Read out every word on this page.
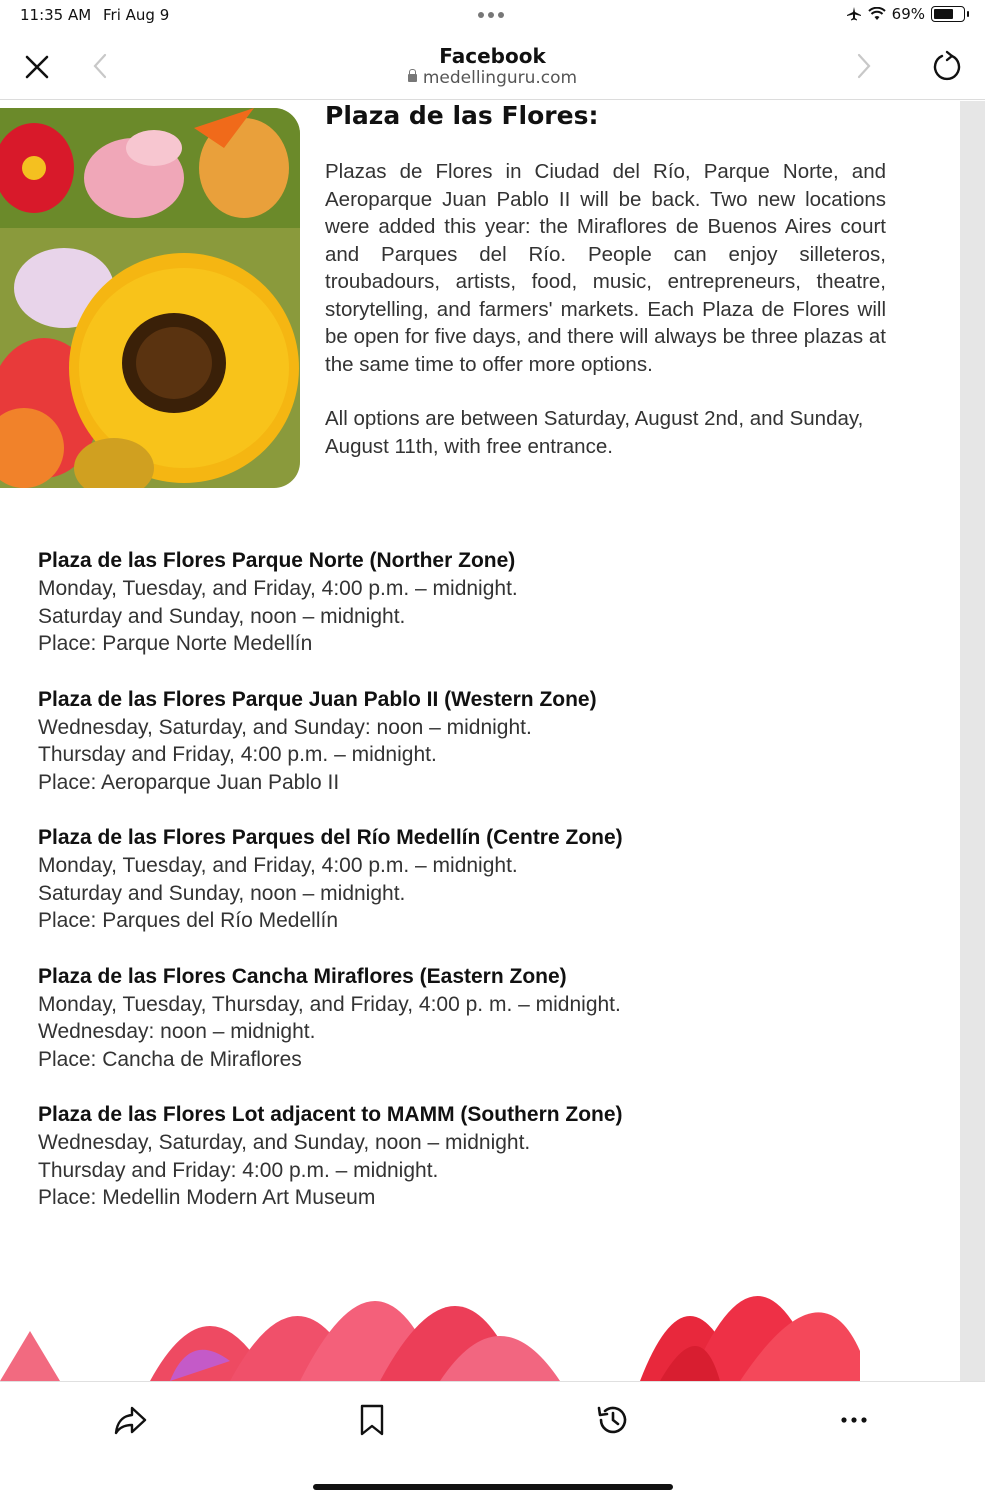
11:35 AM Fri Aug 9	69%
Facebook
medellinguru.com
Plaza de las Flores:

Plazas de Flores in Ciudad del Río, Parque Norte, and Aeroparque Juan Pablo II will be back. Two new locations were added this year: the Miraflores de Buenos Aires court and Parques del Río. People can enjoy silleteros, troubadours, artists, food, music, entrepreneurs, theatre, storytelling, and farmers' markets. Each Plaza de Flores will be open for five days, and there will always be three plazas at the same time to offer more options.

All options are between Saturday, August 2nd, and Sunday, August 11th, with free entrance.

Plaza de las Flores Parque Norte (Norther Zone)
Monday, Tuesday, and Friday, 4:00 p.m. – midnight.
Saturday and Sunday, noon – midnight.
Place: Parque Norte Medellín
Plaza de las Flores Parque Juan Pablo II (Western Zone)
Wednesday, Saturday, and Sunday: noon – midnight.
Thursday and Friday, 4:00 p.m. – midnight.
Place: Aeroparque Juan Pablo II
Plaza de las Flores Parques del Río Medellín (Centre Zone)
Monday, Tuesday, and Friday, 4:00 p.m. – midnight.
Saturday and Sunday, noon – midnight.
Place: Parques del Río Medellín
Plaza de las Flores Cancha Miraflores (Eastern Zone)
Monday, Tuesday, Thursday, and Friday, 4:00 p. m. – midnight.
Wednesday: noon – midnight.
Place: Cancha de Miraflores
Plaza de las Flores Lot adjacent to MAMM (Southern Zone)
Wednesday, Saturday, and Sunday, noon – midnight.
Thursday and Friday: 4:00 p.m. – midnight.
Place: Medellin Modern Art Museum
